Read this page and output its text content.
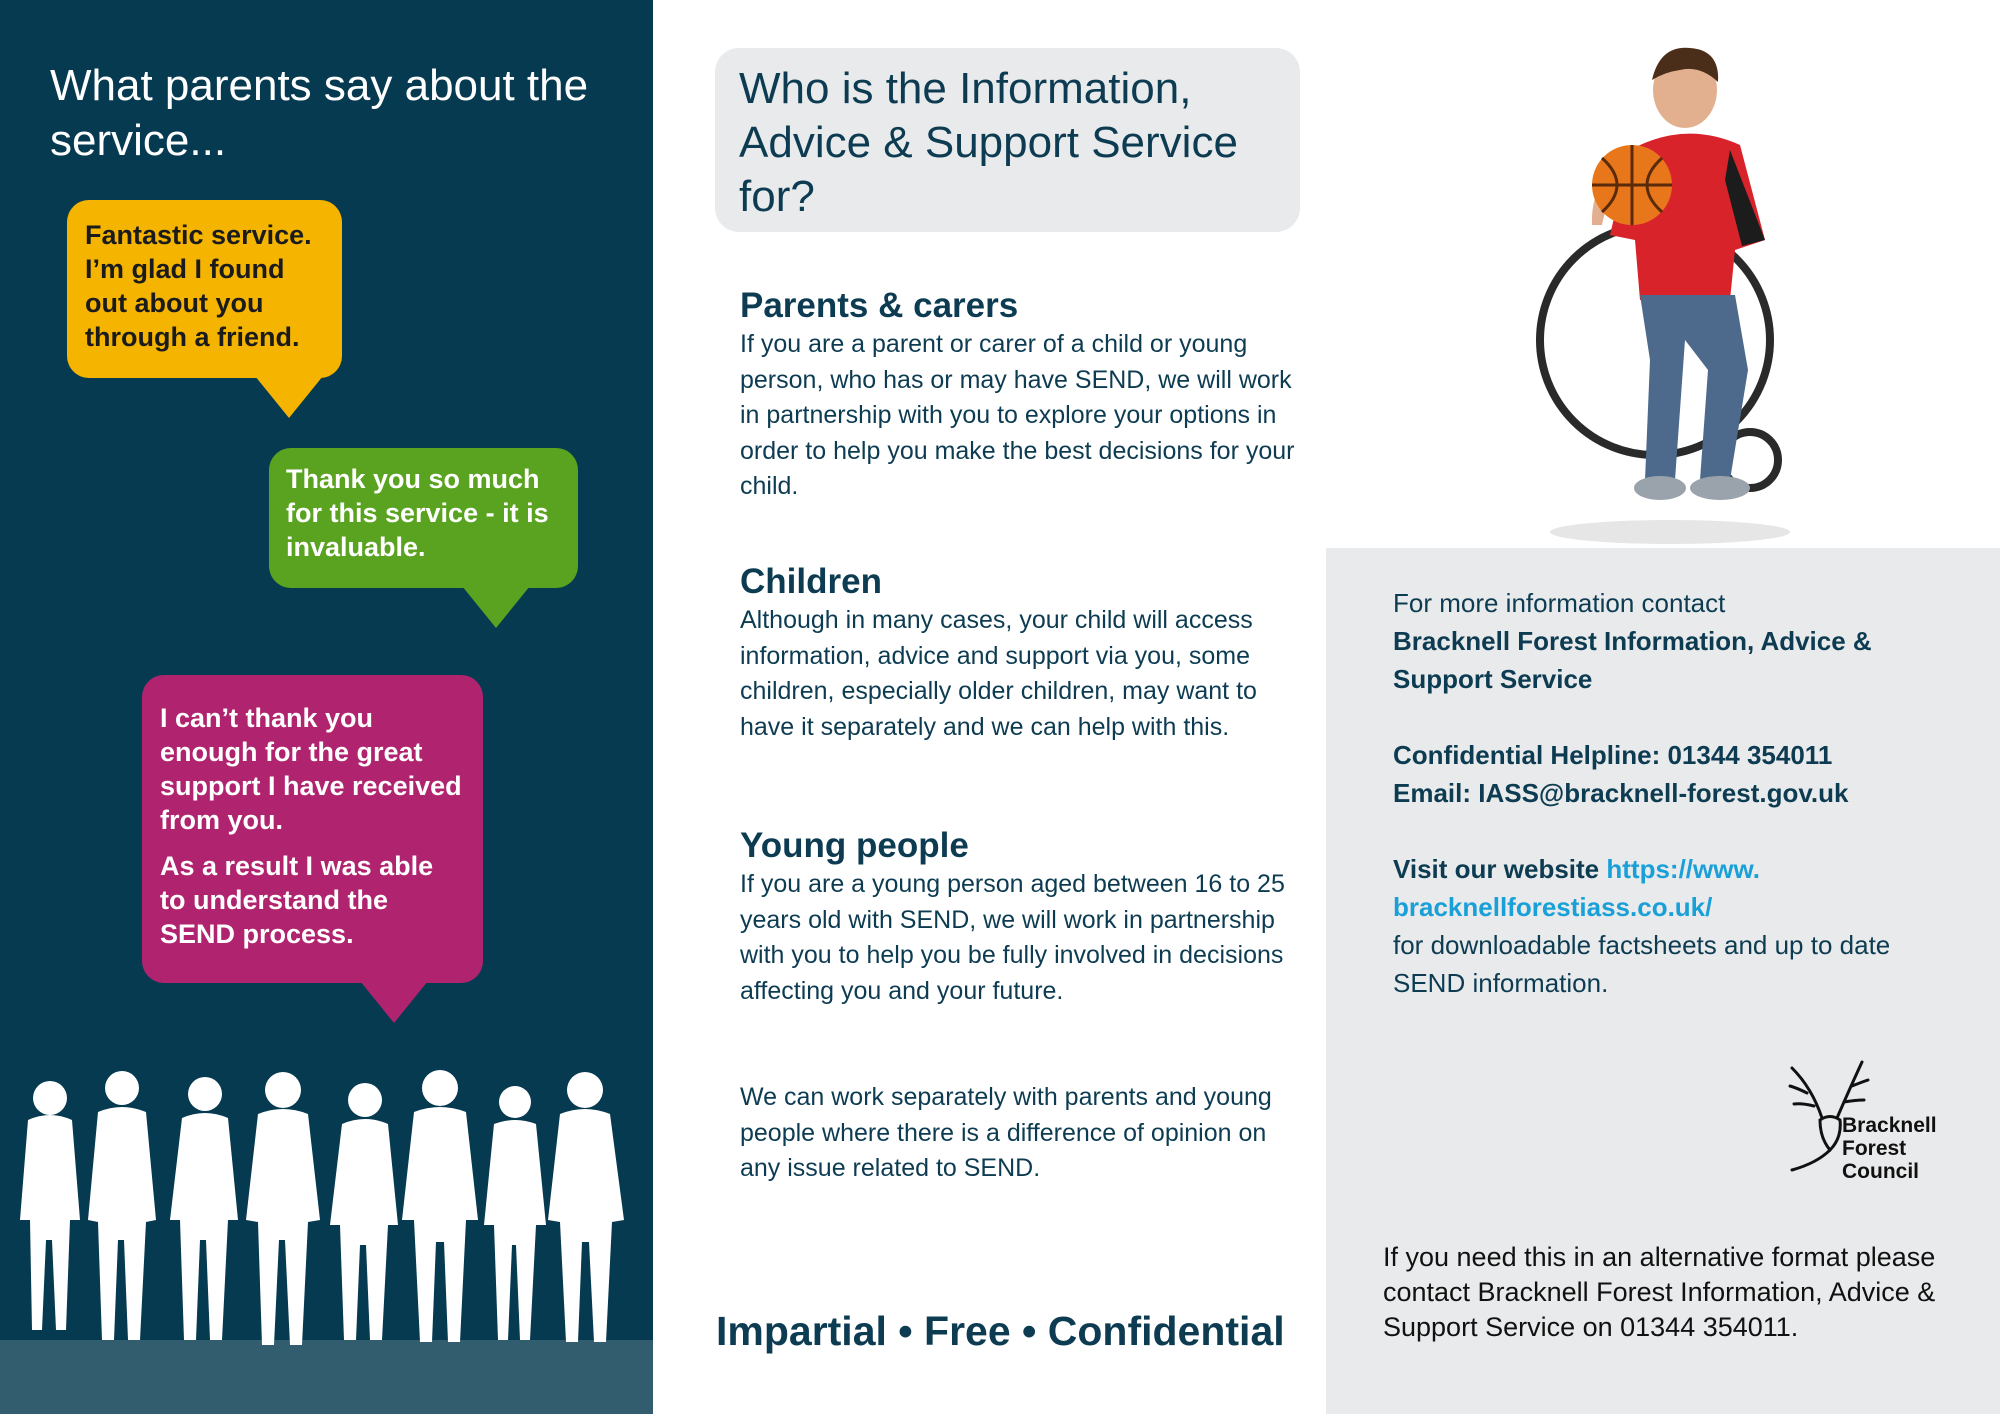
What parents say about the service...

Fantastic service. I’m glad I found out about you through a friend.

Thank you so much for this service - it is invaluable.

I can’t thank you enough for the great support I have received from you.

As a result I was able to understand the SEND process.

Who is the Information, Advice & Support Service for?
Parents & carers

If you are a parent or carer of a child or young person, who has or may have SEND, we will work in partnership with you to explore your options in order to help you make the best decisions for your child.

Children

Although in many cases, your child will access information, advice and support via you, some children, especially older children, may want to have it separately and we can help with this.

Young people

If you are a young person aged between 16 to 25 years old with SEND, we will work in partnership with you to help you be fully involved in decisions affecting you and your future.

We can work separately with parents and young people where there is a difference of opinion on any issue related to SEND.

Impartial • Free • Confidential

For more information contact

Bracknell Forest Information, Advice & Support Service

Confidential Helpline: 01344 354011

Email: IASS@bracknell-forest.gov.uk

Visit our website https://www.
bracknellforestiass.co.uk/

for downloadable factsheets and up to date SEND information.

Bracknell
Forest
Council
If you need this in an alternative format please contact Bracknell Forest Information, Advice & Support Service on 01344 354011.
